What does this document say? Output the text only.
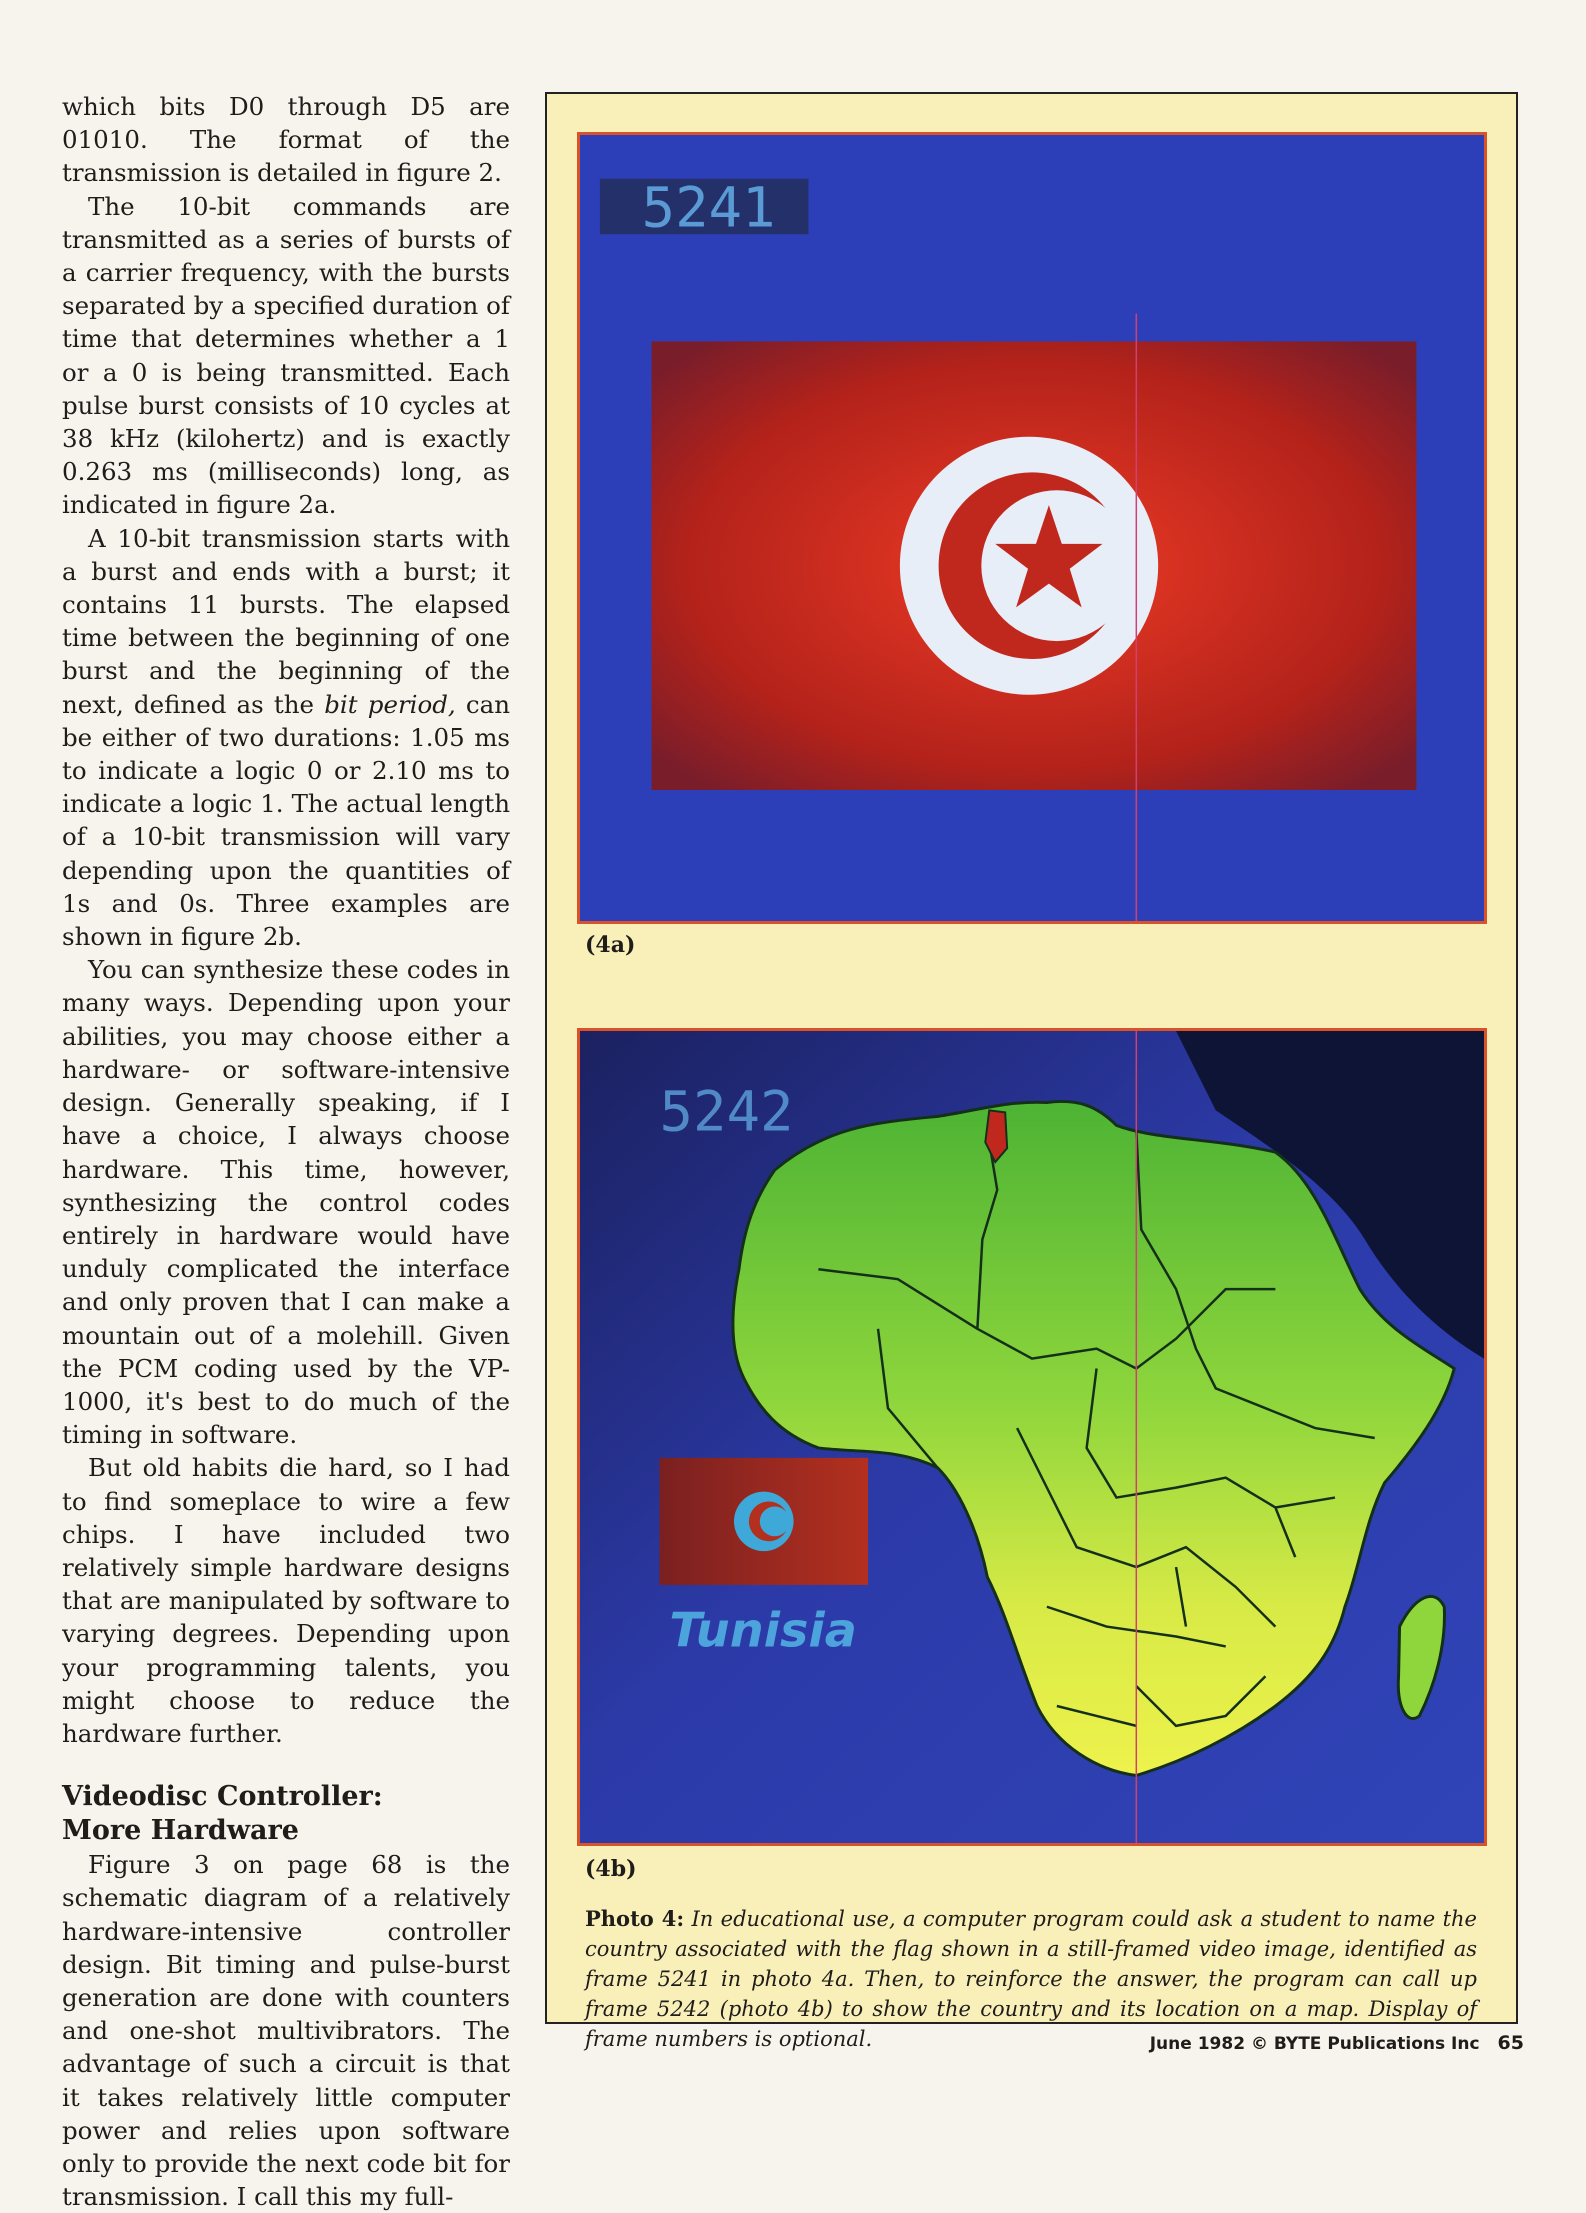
which bits D0 through D5 are 01010. The format of the transmission is detailed in figure 2.

The 10-bit commands are transmitted as a series of bursts of a carrier frequency, with the bursts separated by a specified duration of time that determines whether a 1 or a 0 is being transmitted. Each pulse burst consists of 10 cycles at 38 kHz (kilohertz) and is exactly 0.263 ms (milliseconds) long, as indicated in figure 2a.

A 10-bit transmission starts with a burst and ends with a burst; it contains 11 bursts. The elapsed time between the beginning of one burst and the beginning of the next, defined as the bit period, can be either of two durations: 1.05 ms to indicate a logic 0 or 2.10 ms to indicate a logic 1. The actual length of a 10-bit transmission will vary depending upon the quantities of 1s and 0s. Three examples are shown in figure 2b.

You can synthesize these codes in many ways. Depending upon your abilities, you may choose either a hardware- or software-intensive design. Generally speaking, if I have a choice, I always choose hardware. This time, however, synthesizing the control codes entirely in hardware would have unduly complicated the interface and only proven that I can make a mountain out of a molehill. Given the PCM coding used by the VP-1000, it's best to do much of the timing in software.

But old habits die hard, so I had to find someplace to wire a few chips. I have included two relatively simple hardware designs that are manipulated by software to varying degrees. Depending upon your programming talents, you might choose to reduce the hardware further.

Videodisc Controller:
More Hardware

Figure 3 on page 68 is the schematic diagram of a relatively hardware-intensive controller design. Bit timing and pulse-burst generation are done with counters and one-shot multivibrators. The advantage of such a circuit is that it takes relatively little computer power and relies upon software only to provide the next code bit for transmission. I call this my full-

5241
(4a)
5242
Tunisia
(4b)
Photo 4: In educational use, a computer program could ask a student to name the country associated with the flag shown in a still-framed video image, identified as frame 5241 in photo 4a. Then, to reinforce the answer, the program can call up frame 5242 (photo 4b) to show the country and its location on a map. Display of frame numbers is optional.	June 1982 © BYTE Publications Inc 65
